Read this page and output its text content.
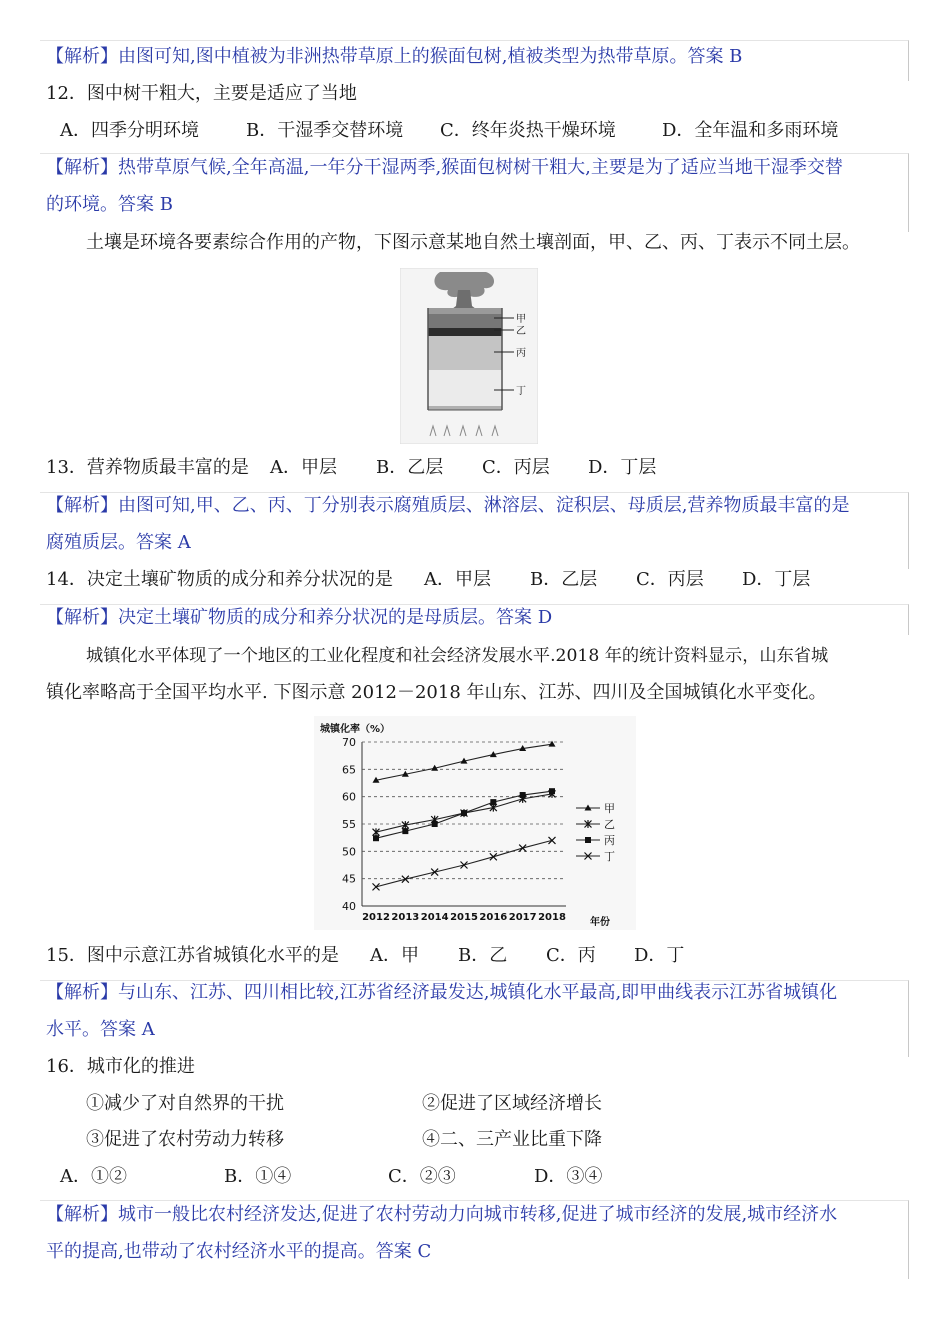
【解析】由图可知,图中植被为非洲热带草原上的猴面包树,植被类型为热带草原。答案 B
12．图中树干粗大，主要是适应了当地
A．四季分明环境	B．干湿季交替环境 C．终年炎热干燥环境	D．全年温和多雨环境
【解析】热带草原气候,全年高温,一年分干湿两季,猴面包树树干粗大,主要是为了适应当地干湿季交替
的环境。答案 B
土壤是环境各要素综合作用的产物，下图示意某地自然土壤剖面，甲、乙、丙、丁表示不同土层。
甲
乙
丙
丁
13．营养物质最丰富的是 A．甲层 B．乙层 C．丙层 D．丁层
【解析】由图可知,甲、乙、丙、丁分别表示腐殖质层、淋溶层、淀积层、母质层,营养物质最丰富的是
腐殖质层。答案 A
14．决定土壤矿物质的成分和养分状况的是 A．甲层 B．乙层 C．丙层 D．丁层
【解析】决定土壤矿物质的成分和养分状况的是母质层。答案 D
城镇化水平体现了一个地区的工业化程度和社会经济发展水平.2018 年的统计资料显示，山东省城
镇化率略高于全国平均水平. 下图示意 2012－2018 年山东、江苏、四川及全国城镇化水平变化。
城镇化率（%）
年份
40
45
50
55
60
65
70
2012 2013 2014 2015 2016 2017 2018
甲
乙
丙
丁
15．图中示意江苏省城镇化水平的是 A．甲 B．乙 C．丙 D．丁
【解析】与山东、江苏、四川相比较,江苏省经济最发达,城镇化水平最高,即甲曲线表示江苏省城镇化
水平。答案 A
16．城市化的推进
①减少了对自然界的干扰	②促进了区域经济增长
③促进了农村劳动力转移	④二、三产业比重下降
A．①②	B．①④	C．②③	D．③④
【解析】城市一般比农村经济发达,促进了农村劳动力向城市转移,促进了城市经济的发展,城市经济水
平的提高,也带动了农村经济水平的提高。答案 C
